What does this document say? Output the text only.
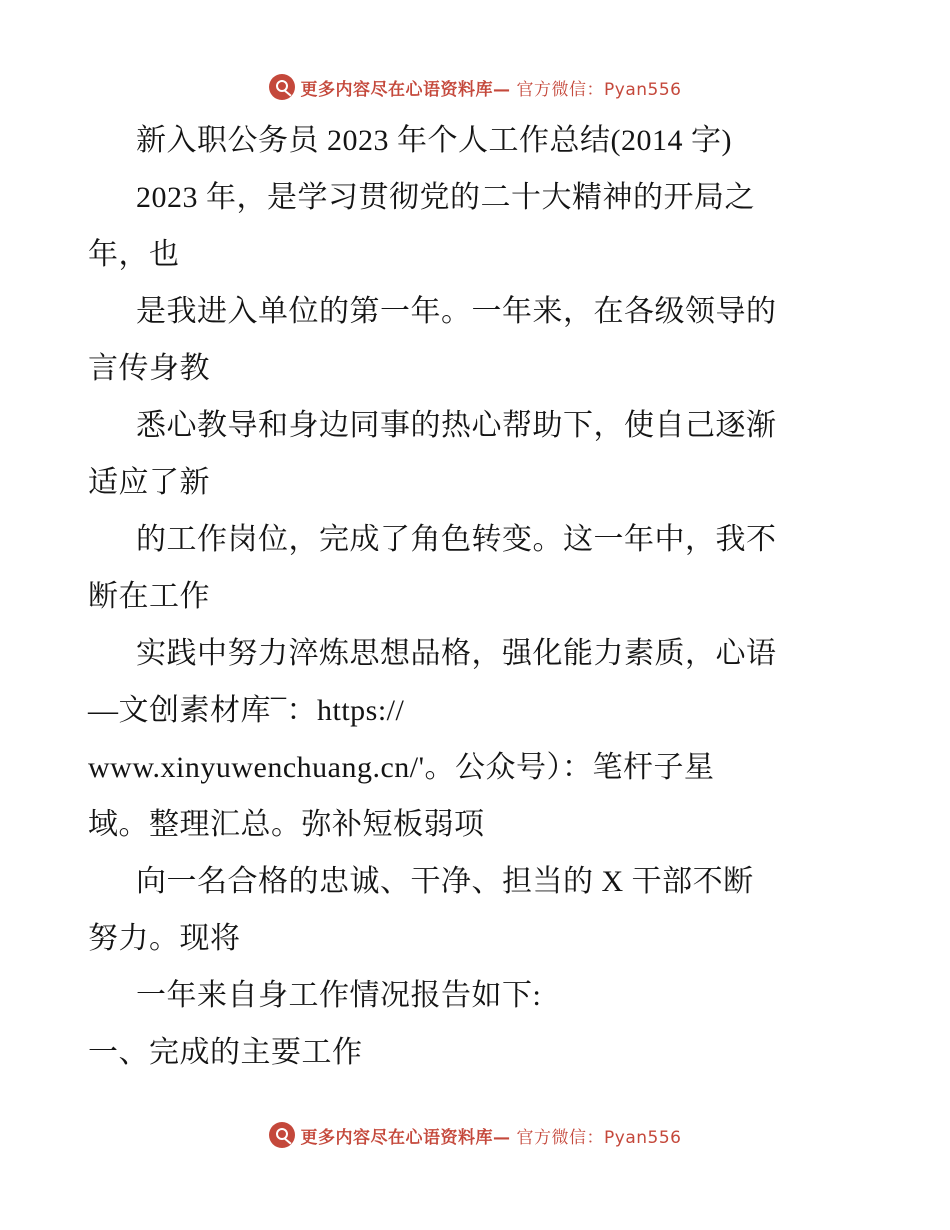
更多内容尽在心语资料库— 官方微信：Pyan556

新入职公务员 2023 年个人工作总结(2014 字)

2023 年，是学习贯彻党的二十大精神的开局之

年，也

是我进入单位的第一年。一年来，在各级领导的

言传身教

悉心教导和身边同事的热心帮助下，使自己逐渐

适应了新

的工作岗位，完成了角色转变。这一年中，我不

断在工作

实践中努力淬炼思想品格，强化能力素质，心语

—文创素材库¯：https://

www.xinyuwenchuang.cn/'。公众号）：笔杆子星

域。整理汇总。弥补短板弱项

向一名合格的忠诚、干净、担当的 X 干部不断

努力。现将

一年来自身工作情况报告如下:

一、完成的主要工作

更多内容尽在心语资料库— 官方微信：Pyan556
